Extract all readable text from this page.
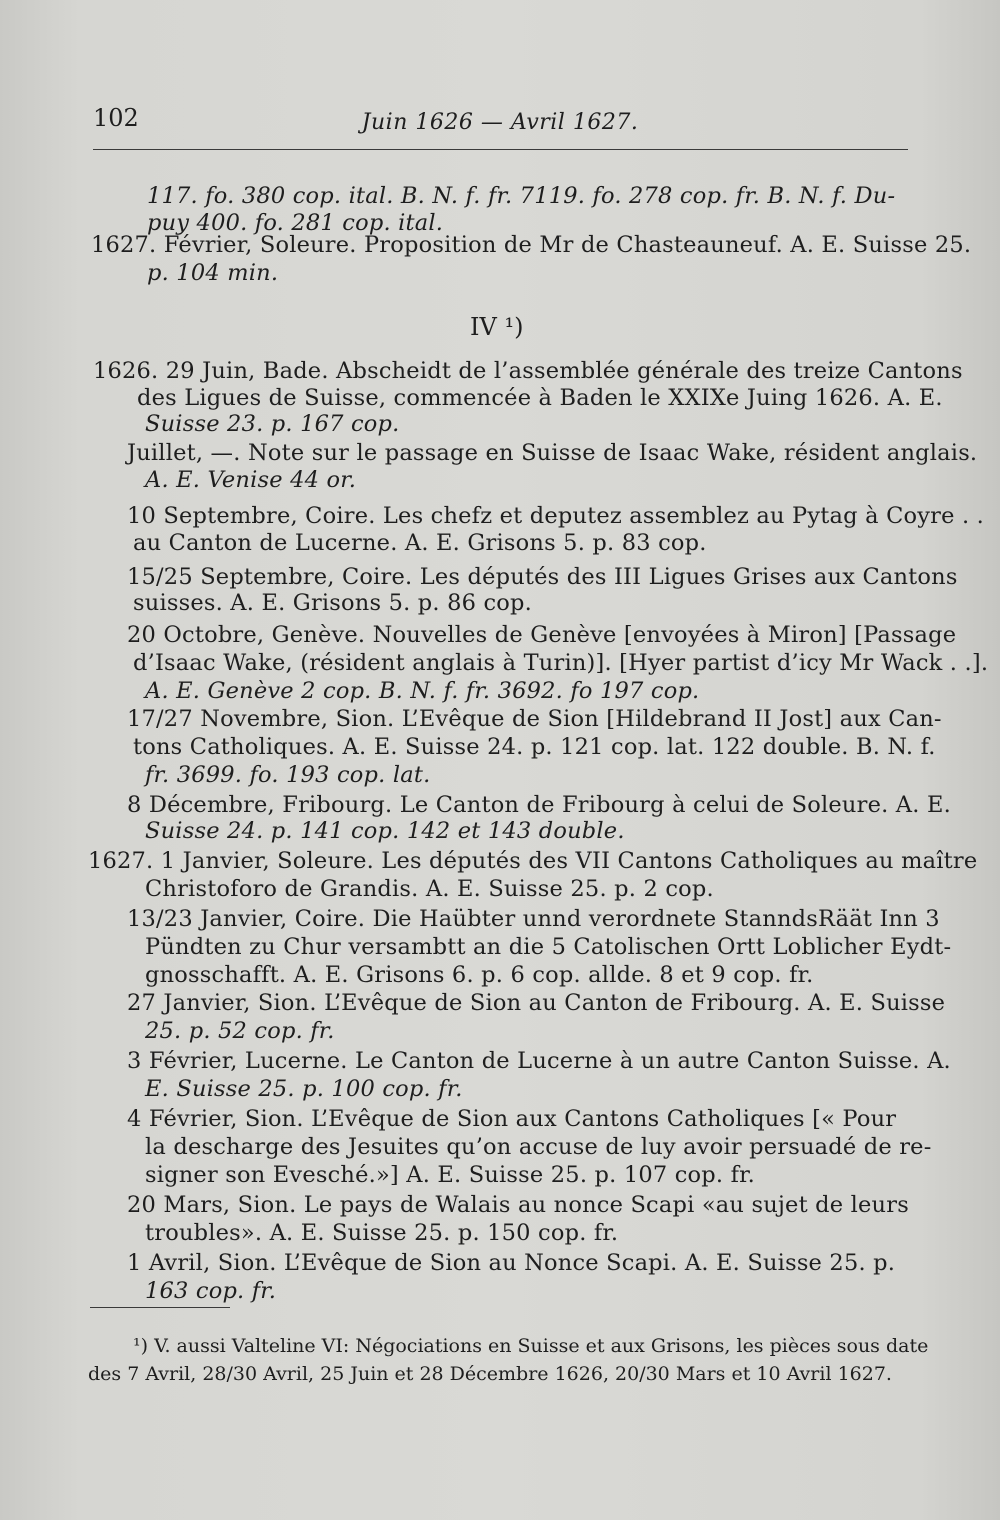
102	Juin 1626 — Avril 1627.
IV ¹)
117. fo. 380 cop. ital. B. N. f. fr. 7119. fo. 278 cop. fr. B. N. f. Du-
puy 400. fo. 281 cop. ital.
1627. Février, Soleure. Proposition de Mr de Chasteauneuf. A. E. Suisse 25.
p. 104 min.
1626. 29 Juin, Bade. Abscheidt de l’assemblée générale des treize Cantons
des Ligues de Suisse, commencée à Baden le XXIXe Juing 1626. A. E.
Suisse 23. p. 167 cop.
Juillet, —. Note sur le passage en Suisse de Isaac Wake, résident anglais.
A. E. Venise 44 or.
10 Septembre, Coire. Les chefz et deputez assemblez au Pytag à Coyre . .
au Canton de Lucerne. A. E. Grisons 5. p. 83 cop.
15/25 Septembre, Coire. Les députés des III Ligues Grises aux Cantons
suisses. A. E. Grisons 5. p. 86 cop.
20 Octobre, Genève. Nouvelles de Genève [envoyées à Miron] [Passage
d’Isaac Wake, (résident anglais à Turin)]. [Hyer partist d’icy Mr Wack . .].
A. E. Genève 2 cop. B. N. f. fr. 3692. fo 197 cop.
17/27 Novembre, Sion. L’Evêque de Sion [Hildebrand II Jost] aux Can-
tons Catholiques. A. E. Suisse 24. p. 121 cop. lat. 122 double. B. N. f.
fr. 3699. fo. 193 cop. lat.
8 Décembre, Fribourg. Le Canton de Fribourg à celui de Soleure. A. E.
Suisse 24. p. 141 cop. 142 et 143 double.
1627. 1 Janvier, Soleure. Les députés des VII Cantons Catholiques au maître
Christoforo de Grandis. A. E. Suisse 25. p. 2 cop.
13/23 Janvier, Coire. Die Haübter unnd verordnete StanndsRäät Inn 3
Pündten zu Chur versambtt an die 5 Catolischen Ortt Loblicher Eydt-
gnosschafft. A. E. Grisons 6. p. 6 cop. allde. 8 et 9 cop. fr.
27 Janvier, Sion. L’Evêque de Sion au Canton de Fribourg. A. E. Suisse
25. p. 52 cop. fr.
3 Février, Lucerne. Le Canton de Lucerne à un autre Canton Suisse. A.
E. Suisse 25. p. 100 cop. fr.
4 Février, Sion. L’Evêque de Sion aux Cantons Catholiques [« Pour
la descharge des Jesuites qu’on accuse de luy avoir persuadé de re-
signer son Evesché.»] A. E. Suisse 25. p. 107 cop. fr.
20 Mars, Sion. Le pays de Walais au nonce Scapi «au sujet de leurs
troubles». A. E. Suisse 25. p. 150 cop. fr.
1 Avril, Sion. L’Evêque de Sion au Nonce Scapi. A. E. Suisse 25. p.
163 cop. fr.
¹) V. aussi Valteline VI: Négociations en Suisse et aux Grisons, les pièces sous date
des 7 Avril, 28/30 Avril, 25 Juin et 28 Décembre 1626, 20/30 Mars et 10 Avril 1627.
